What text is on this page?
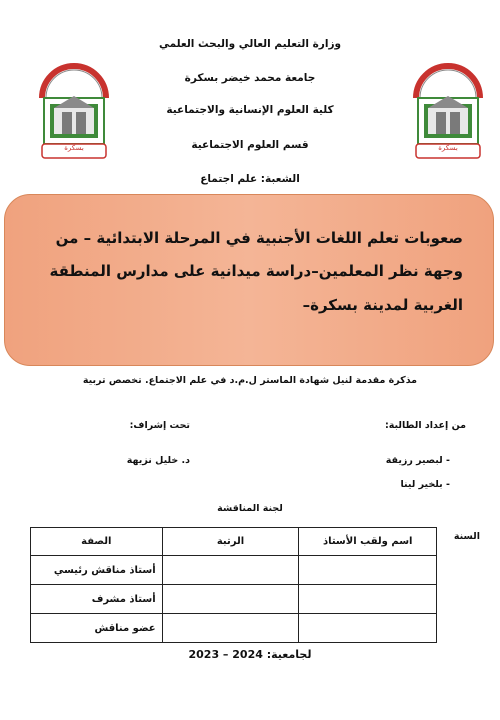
وزارة التعليم العالي والبحث العلمي
جامعة محمد خيضر بسكرة
كلية العلوم الإنسانية والاجتماعية
قسم العلوم الاجتماعية
الشعبة: علم اجتماع
بسكرة	بسكرة
صعوبات تعلم اللغات الأجنبية في المرحلة الابتدائية – من
وجهة نظر المعلمين–دراسة ميدانية على مدارس المنطقة
الغربية لمدينة بسكرة–
مذكرة مقدمة لنيل شهادة الماستر ل.م.د في علم الاجتماع. تخصص تربية
من إعداد الطالبة:
- لبصير رزيقة
- بلخير لينا
تحت إشراف:
د. خليل نزيهة
لجنة المناقشة
السنة
اسم ولقب الأستاذ	الرتبة	الصفة
		أستاذ مناقش رئيسي
		أستاذ مشرف
		عضو مناقش
لجامعية: 2023 – 2024
